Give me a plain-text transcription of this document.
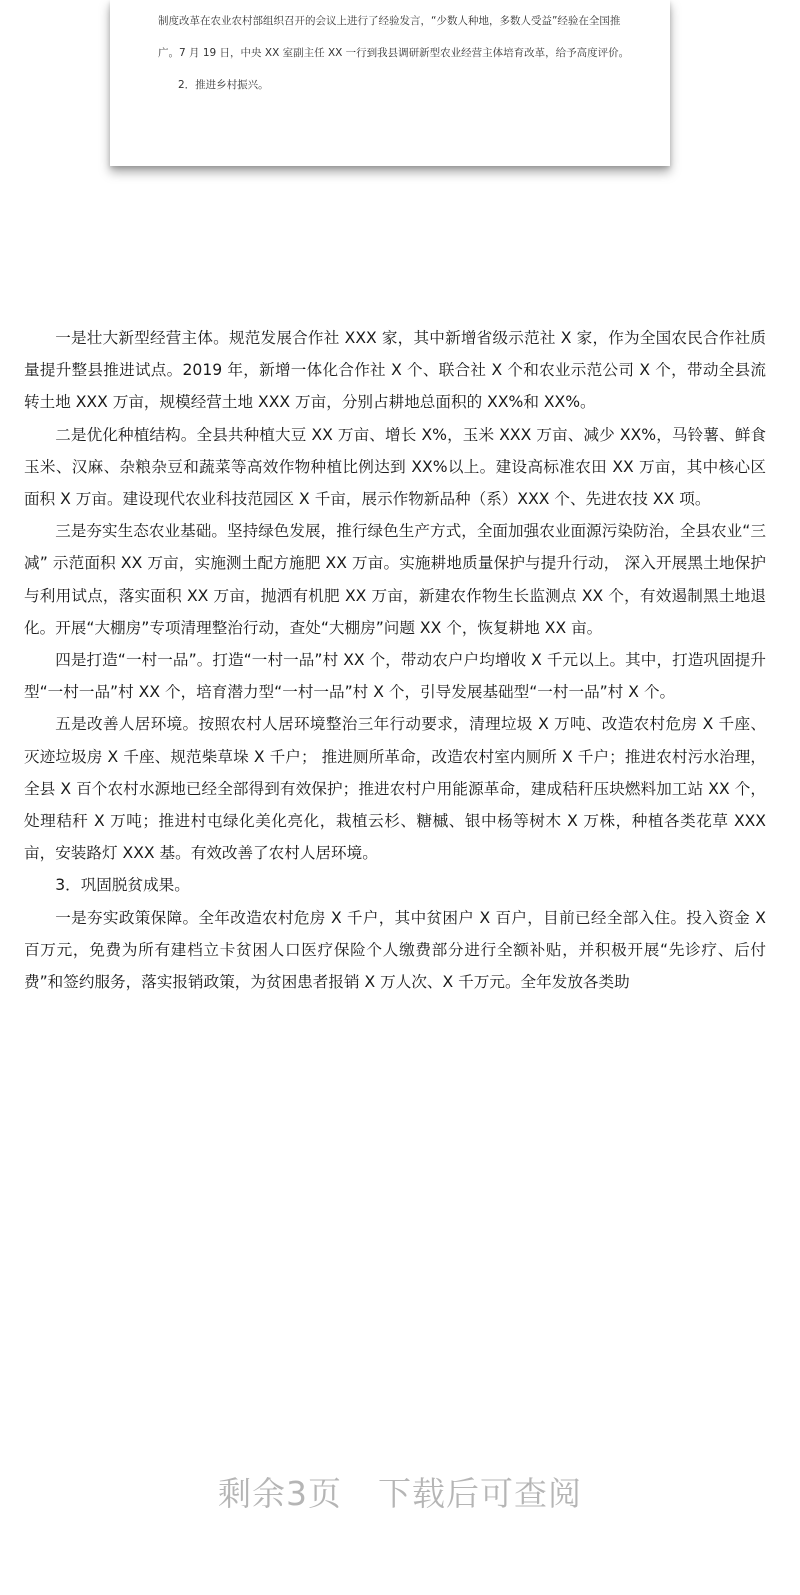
制度改革在农业农村部组织召开的会议上进行了经验发言，“少数人种地，多数人受益”经验在全国推
广。7 月 19 日，中央 XX 室副主任 XX 一行到我县调研新型农业经营主体培育改革，给予高度评价。
2．推进乡村振兴。

一是壮大新型经营主体。规范发展合作社 XXX 家，其中新增省级示范社 X 家，作为全国农民合作社质量提升整县推进试点。2019 年，新增一体化合作社 X 个、联合社 X 个和农业示范公司 X 个，带动全县流转土地 XXX 万亩，规模经营土地 XXX 万亩，分别占耕地总面积的 XX%和 XX%。

二是优化种植结构。全县共种植大豆 XX 万亩、增长 X%，玉米 XXX 万亩、减少 XX%，马铃薯、鲜食玉米、汉麻、杂粮杂豆和蔬菜等高效作物种植比例达到 XX%以上。建设高标准农田 XX 万亩，其中核心区面积 X 万亩。建设现代农业科技范园区 X 千亩，展示作物新品种（系）XXX 个、先进农技 XX 项。

三是夯实生态农业基础。坚持绿色发展，推行绿色生产方式，全面加强农业面源污染防治，全县农业“三减” 示范面积 XX 万亩，实施测土配方施肥 XX 万亩。实施耕地质量保护与提升行动， 深入开展黑土地保护与利用试点，落实面积 XX 万亩，抛洒有机肥 XX 万亩，新建农作物生长监测点 XX 个，有效遏制黑土地退化。开展“大棚房”专项清理整治行动，查处“大棚房”问题 XX 个，恢复耕地 XX 亩。

四是打造“一村一品”。打造“一村一品”村 XX 个，带动农户户均增收 X 千元以上。其中，打造巩固提升型“一村一品”村 XX 个，培育潜力型“一村一品”村 X 个，引导发展基础型“一村一品”村 X 个。

五是改善人居环境。按照农村人居环境整治三年行动要求，清理垃圾 X 万吨、改造农村危房 X 千座、灭迹垃圾房 X 千座、规范柴草垛 X 千户； 推进厕所革命，改造农村室内厕所 X 千户；推进农村污水治理，全县 X 百个农村水源地已经全部得到有效保护；推进农村户用能源革命，建成秸秆压块燃料加工站 XX 个，处理秸秆 X 万吨；推进村屯绿化美化亮化，栽植云杉、糖槭、银中杨等树木 X 万株，种植各类花草 XXX 亩，安装路灯 XXX 基。有效改善了农村人居环境。

3．巩固脱贫成果。

一是夯实政策保障。全年改造农村危房 X 千户，其中贫困户 X 百户，目前已经全部入住。投入资金 X 百万元，免费为所有建档立卡贫困人口医疗保险个人缴费部分进行全额补贴，并积极开展“先诊疗、后付费”和签约服务，落实报销政策，为贫困患者报销 X 万人次、X 千万元。全年发放各类助

剩余3页 下载后可查阅
